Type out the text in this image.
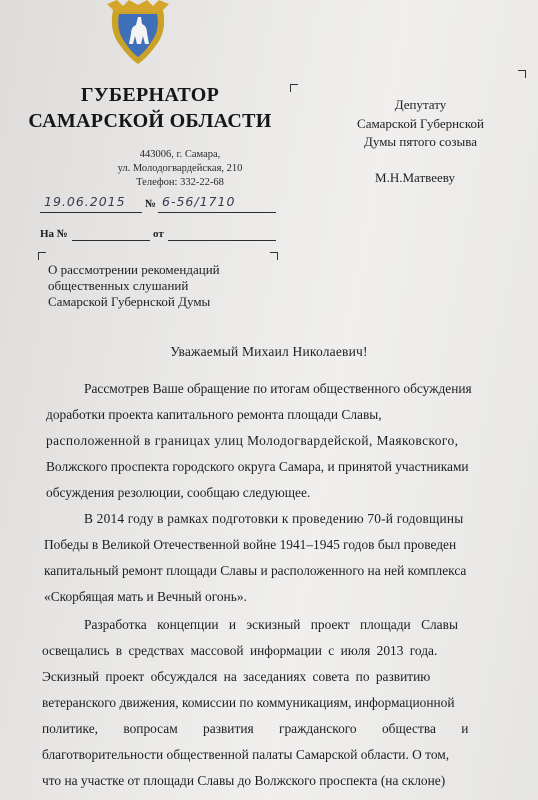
ГУБЕРНАТОР
САМАРСКОЙ ОБЛАСТИ
443006, г. Самара,
ул. Молодогвардейская, 210
Телефон: 332-22-68
19.06.2015 № 6-56/1710
На №	от
О рассмотрении рекомендаций
общественных слушаний
Самарской Губернской Думы
Депутату
Самарской Губернской
Думы пятого созыва
М.Н.Матвееву
Уважаемый Михаил Николаевич!
Рассмотрев Ваше обращение по итогам общественного обсуждения
доработки проекта капитального ремонта площади Славы,
расположенной в границах улиц Молодогвардейской, Маяковского,
Волжского проспекта городского округа Самара, и принятой участниками
обсуждения резолюции, сообщаю следующее.
В 2014 году в рамках подготовки к проведению 70-й годовщины
Победы в Великой Отечественной войне 1941–1945 годов был проведен
капитальный ремонт площади Славы и расположенного на ней комплекса
«Скорбящая мать и Вечный огонь».
Разработка концепции и эскизный проект площади Славы
освещались в средствах массовой информации с июля 2013 года.
Эскизный проект обсуждался на заседаниях совета по развитию
ветеранского движения, комиссии по коммуникациям, информационной
политике, вопросам развития гражданского общества и
благотворительности общественной палаты Самарской области. О том,
что на участке от площади Славы до Волжского проспекта (на склоне)
